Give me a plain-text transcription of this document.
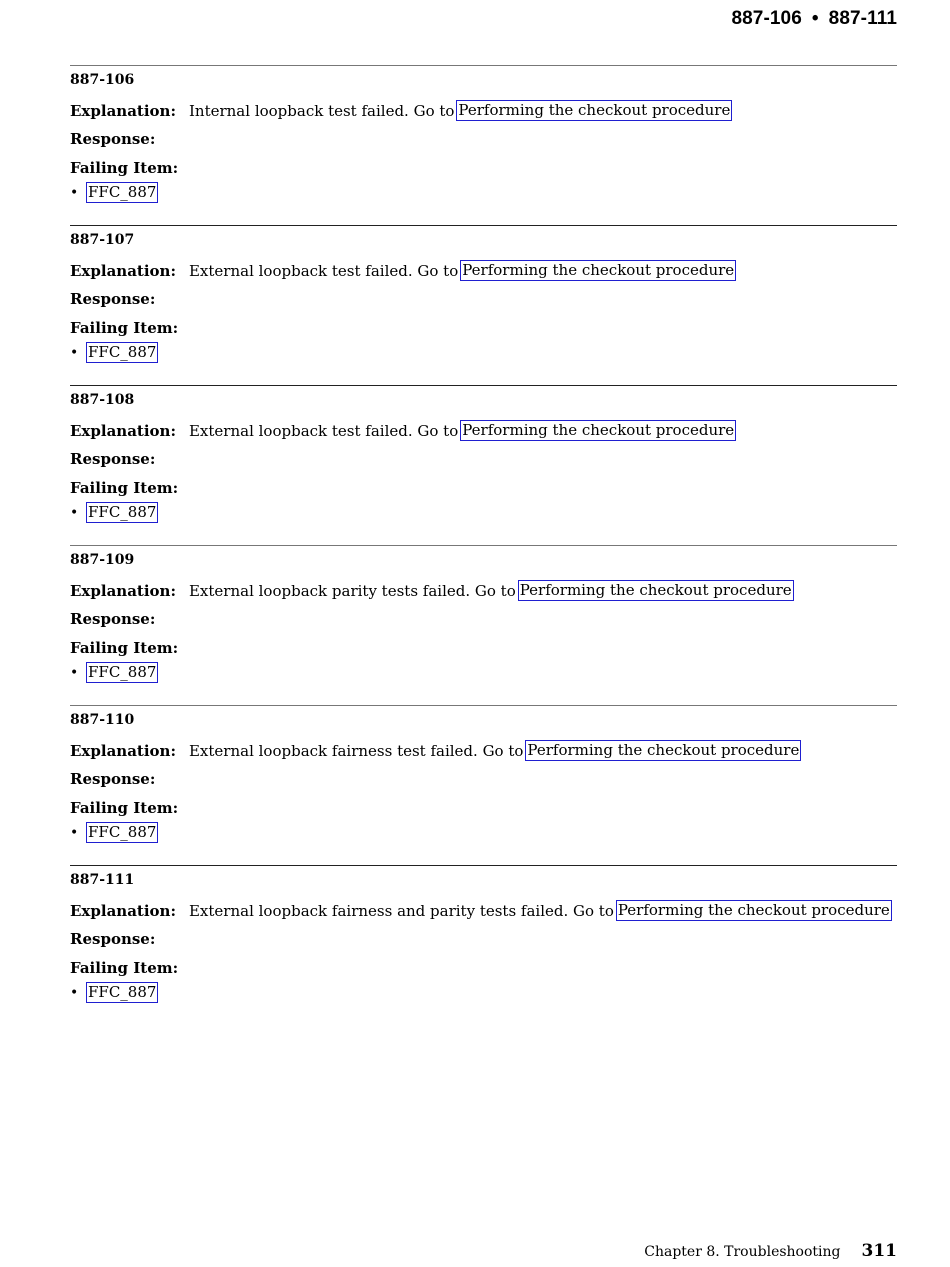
887-106 • 887-111
887-106
Explanation: Internal loopback test failed. Go to Performing the checkout procedure
Response:
Failing Item:
• FFC_887
887-107
Explanation: External loopback test failed. Go to Performing the checkout procedure
Response:
Failing Item:
• FFC_887
887-108
Explanation: External loopback test failed. Go to Performing the checkout procedure
Response:
Failing Item:
• FFC_887
887-109
Explanation: External loopback parity tests failed. Go to Performing the checkout procedure
Response:
Failing Item:
• FFC_887
887-110
Explanation: External loopback fairness test failed. Go to Performing the checkout procedure
Response:
Failing Item:
• FFC_887
887-111
Explanation: External loopback fairness and parity tests failed. Go to Performing the checkout procedure
Response:
Failing Item:
• FFC_887
Chapter 8. Troubleshooting 311
